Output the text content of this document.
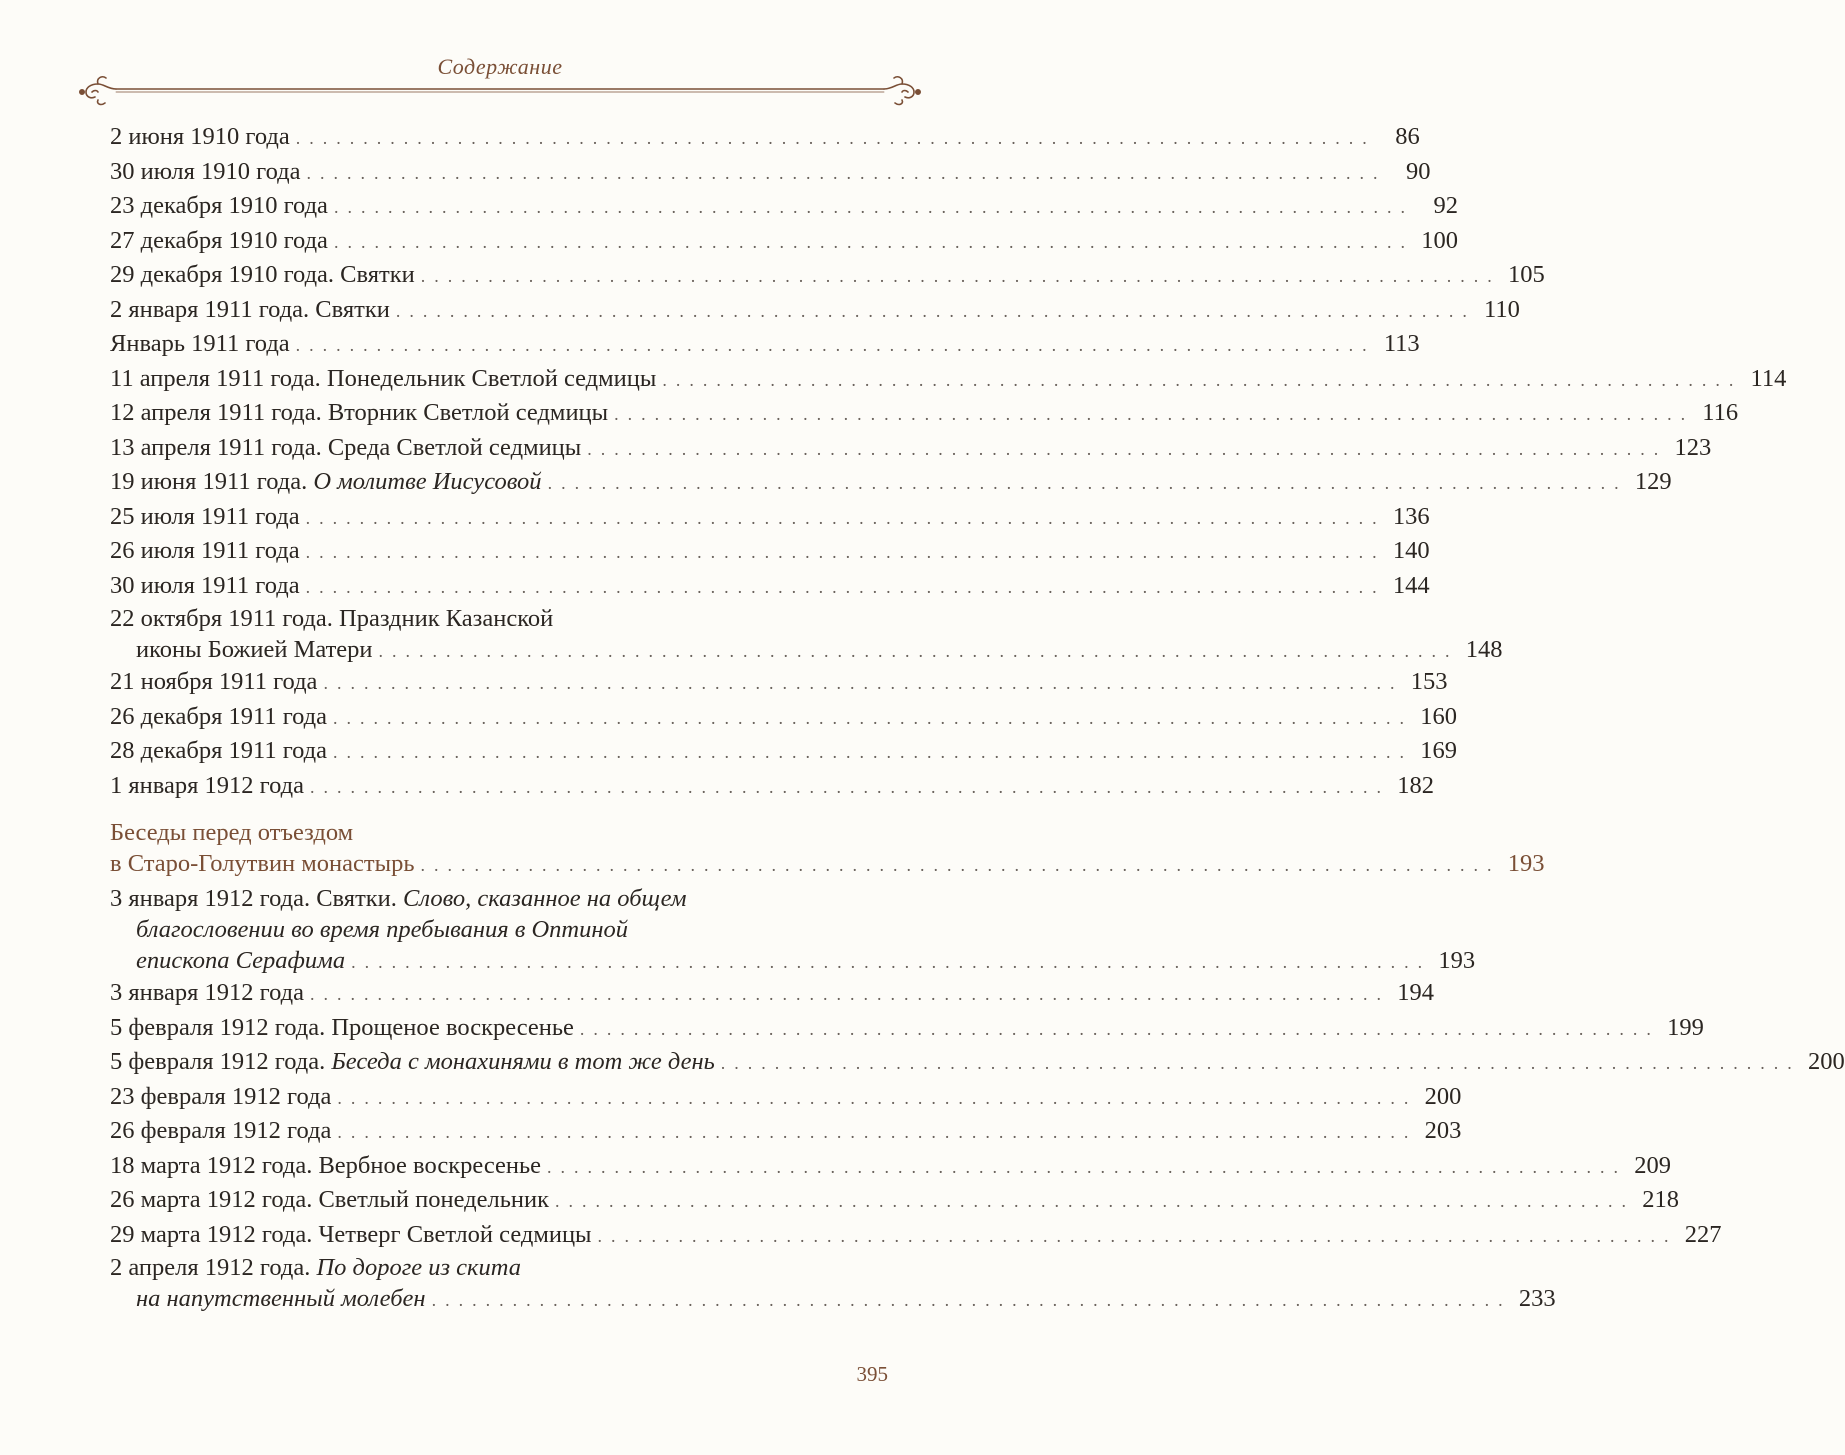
Содержание
2 июня 1910 года ................................................................................ 86
30 июля 1910 года ................................................................................ 90
23 декабря 1910 года ................................................................................ 92
27 декабря 1910 года ................................................................................ 100
29 декабря 1910 года. Святки ................................................................................ 105
2 января 1911 года. Святки ................................................................................ 110
Январь 1911 года ................................................................................ 113
11 апреля 1911 года. Понедельник Светлой седмицы ................................................................................ 114
12 апреля 1911 года. Вторник Светлой седмицы ................................................................................ 116
13 апреля 1911 года. Среда Светлой седмицы ................................................................................ 123
19 июня 1911 года. О молитве Иисусовой ................................................................................ 129
25 июля 1911 года ................................................................................ 136
26 июля 1911 года ................................................................................ 140
30 июля 1911 года ................................................................................ 144
22 октября 1911 года. Праздник Казанской
иконы Божией Матери ................................................................................ 148
21 ноября 1911 года ................................................................................ 153
26 декабря 1911 года ................................................................................ 160
28 декабря 1911 года ................................................................................ 169
1 января 1912 года ................................................................................ 182
Беседы перед отъездом
в Старо-Голутвин монастырь ................................................................................ 193
3 января 1912 года. Святки. Слово, сказанное на общем
благословении во время пребывания в Оптиной
епископа Серафима ................................................................................ 193
3 января 1912 года ................................................................................ 194
5 февраля 1912 года. Прощеное воскресенье ................................................................................ 199
5 февраля 1912 года. Беседа с монахинями в тот же день ................................................................................ 200
23 февраля 1912 года ................................................................................ 200
26 февраля 1912 года ................................................................................ 203
18 марта 1912 года. Вербное воскресенье ................................................................................ 209
26 марта 1912 года. Светлый понедельник ................................................................................ 218
29 марта 1912 года. Четверг Светлой седмицы ................................................................................ 227
2 апреля 1912 года. По дороге из скита
на напутственный молебен ................................................................................ 233
395
